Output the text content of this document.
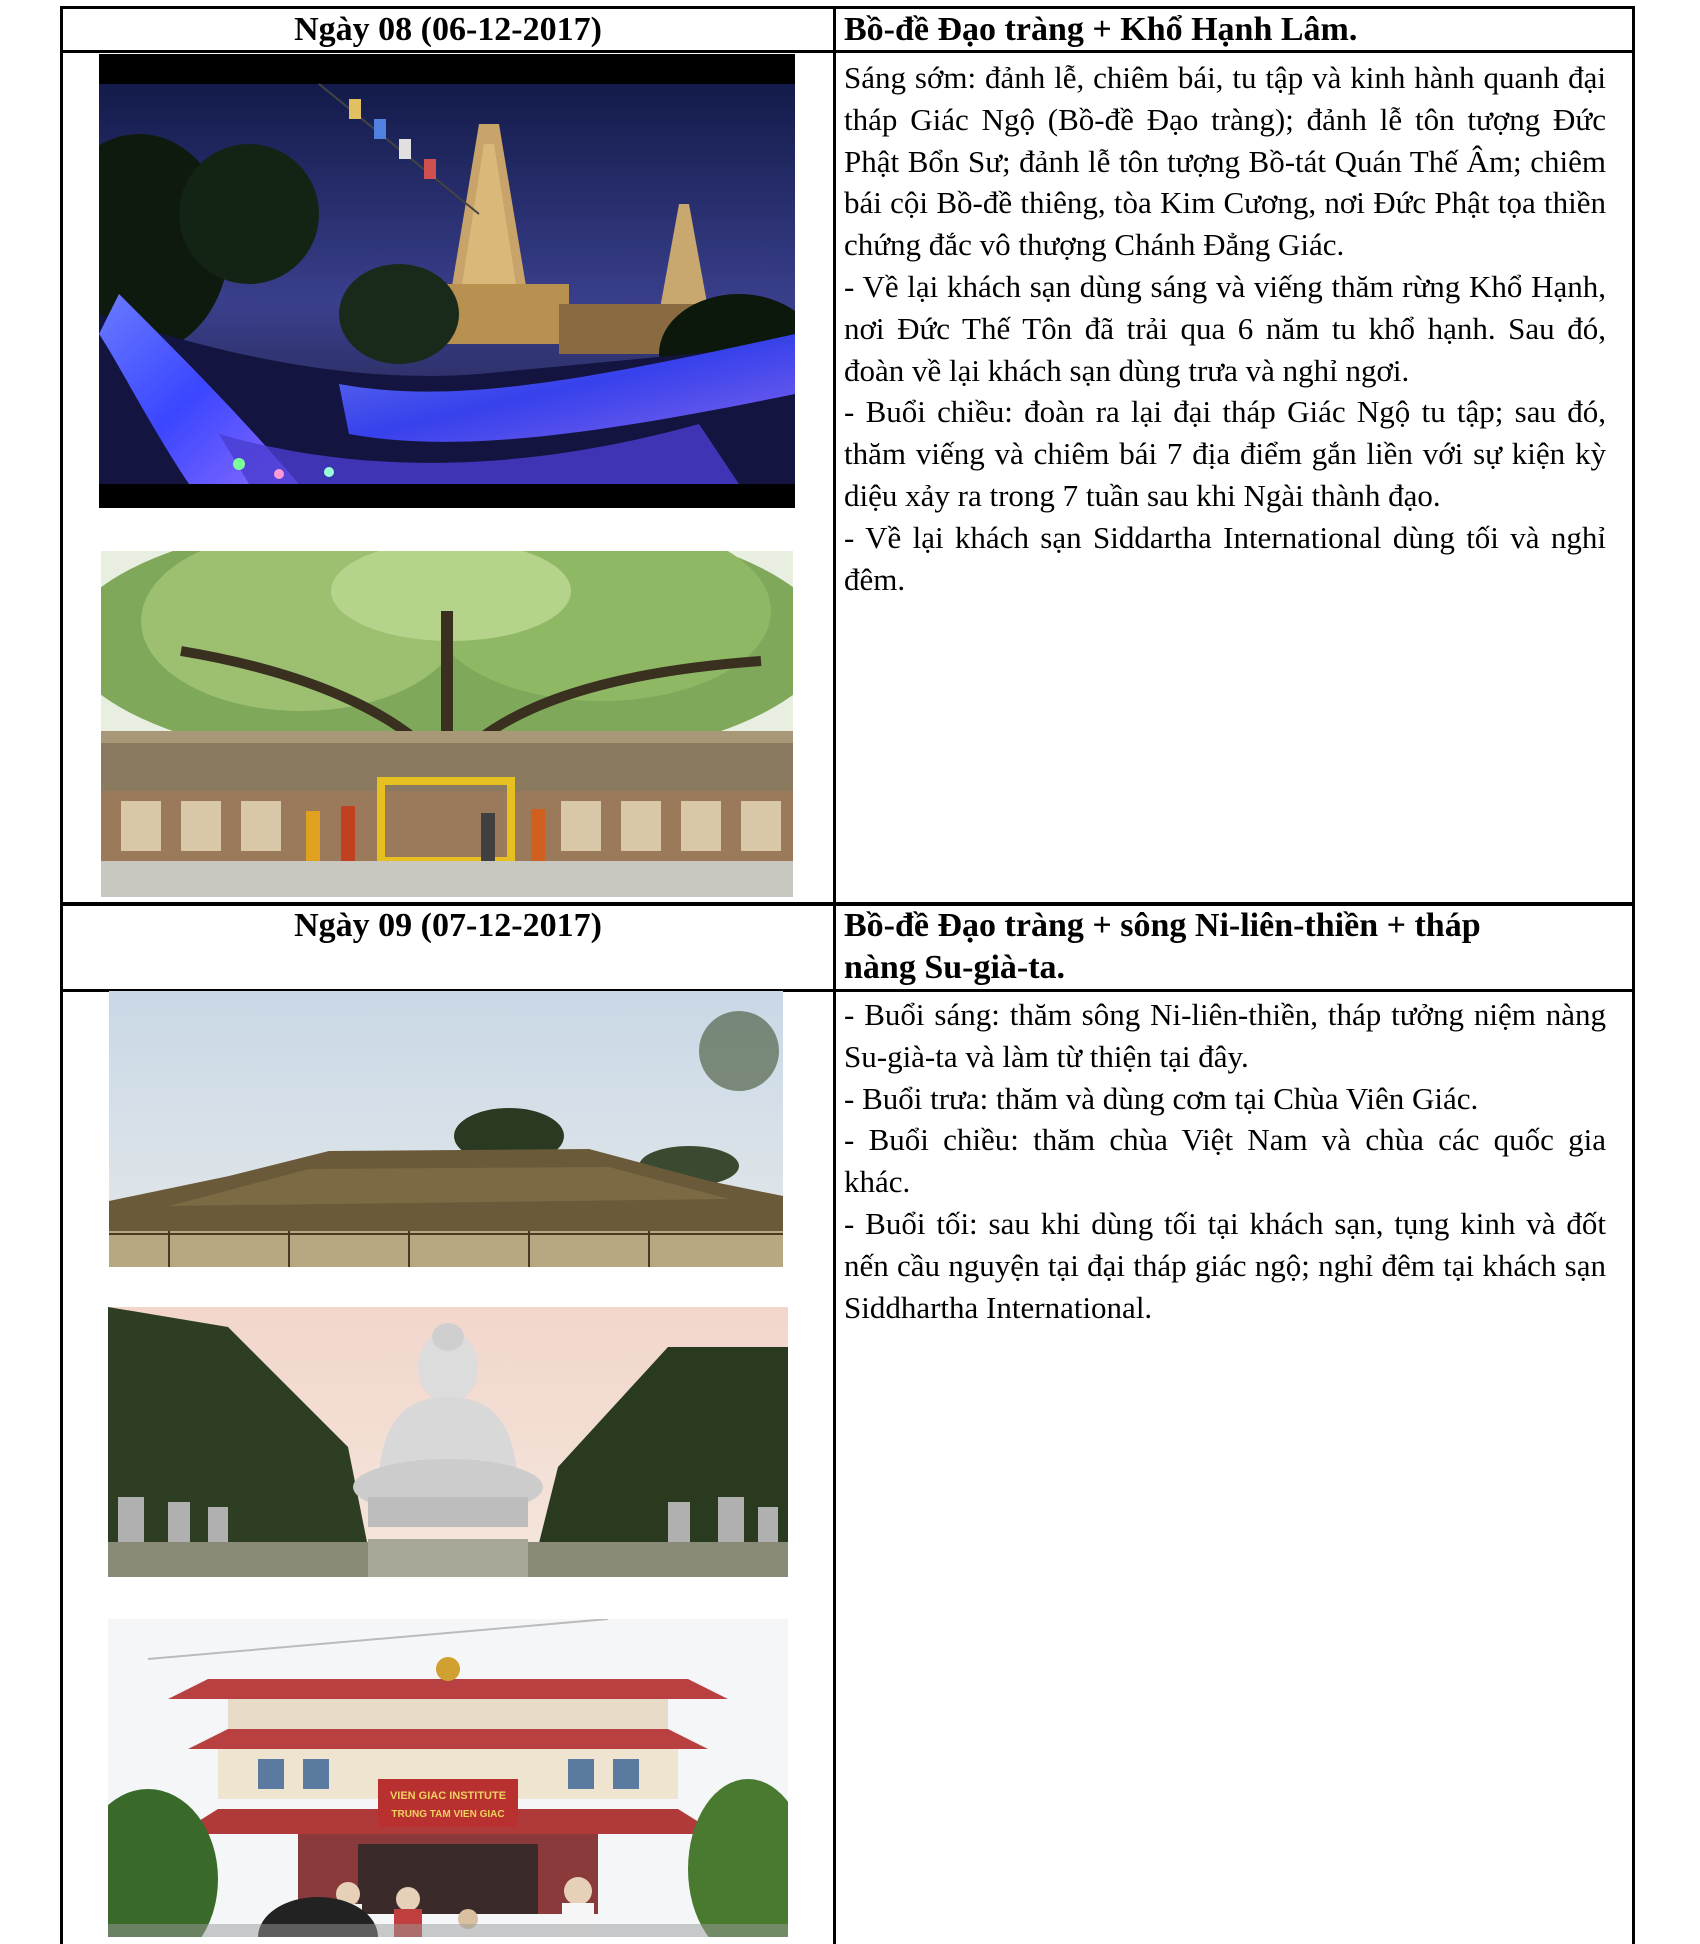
Ngày 08 (06-12-2017)	Bồ-đề Đạo tràng + Khổ Hạnh Lâm.

Sáng sớm: đảnh lễ, chiêm bái, tu tập và kinh hành quanh đại tháp Giác Ngộ (Bồ-đề Đạo tràng); đảnh lễ tôn tượng Đức Phật Bổn Sư; đảnh lễ tôn tượng Bồ-tát Quán Thế Âm; chiêm bái cội Bồ-đề thiêng, tòa Kim Cương, nơi Đức Phật tọa thiền chứng đắc vô thượng Chánh Đẳng Giác.

- Về lại khách sạn dùng sáng và viếng thăm rừng Khổ Hạnh, nơi Đức Thế Tôn đã trải qua 6 năm tu khổ hạnh. Sau đó, đoàn về lại khách sạn dùng trưa và nghỉ ngơi.

- Buổi chiều: đoàn ra lại đại tháp Giác Ngộ tu tập; sau đó, thăm viếng và chiêm bái 7 địa điểm gắn liền với sự kiện kỳ diệu xảy ra trong 7 tuần sau khi Ngài thành đạo.

- Về lại khách sạn Siddartha International dùng tối và nghỉ đêm.

Ngày 09 (07-12-2017)	Bồ-đề Đạo tràng + sông Ni-liên-thiền + tháp nàng Su-già-ta.

- Buổi sáng: thăm sông Ni-liên-thiền, tháp tưởng niệm nàng Su-già-ta và làm từ thiện tại đây.

- Buổi trưa: thăm và dùng cơm tại Chùa Viên Giác.

- Buổi chiều: thăm chùa Việt Nam và chùa các quốc gia khác.

- Buổi tối: sau khi dùng tối tại khách sạn, tụng kinh và đốt nến cầu nguyện tại đại tháp giác ngộ; nghỉ đêm tại khách sạn Siddhartha International.

VIEN GIAC INSTITUTE
TRUNG TAM VIEN GIAC
